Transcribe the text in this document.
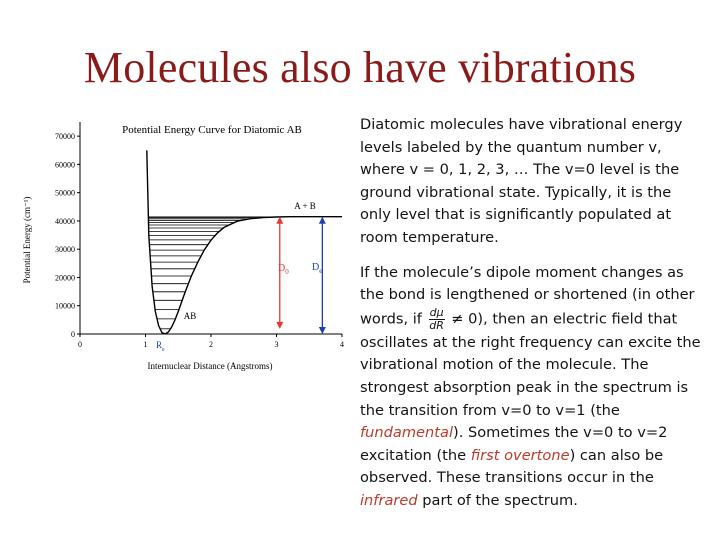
Molecules also have vibrations
0
10000
20000
30000
40000
50000
60000
70000
0	1	2	3	4
Potential Energy Curve for Diatomic AB
Internuclear Distance (Angstroms)
Potential Energy (cm⁻¹)	A + B
AB
$D_0$ $D_e$
$R_e$

Diatomic molecules have vibrational energy levels labeled by the quantum number v, where v = 0, 1, 2, 3, … The v=0 level is the ground vibrational state. Typically, it is the only level that is significantly populated at room temperature.

If the molecule’s dipole moment changes as the bond is lengthened or shortened (in other words, if $\frac{d\mu}{dR} \ne 0$), then an electric field that oscillates at the right frequency can excite the vibrational motion of the molecule. The strongest absorption peak in the spectrum is the transition from v=0 to v=1 (the fundamental). Sometimes the v=0 to v=2 excitation (the first overtone) can also be observed. These transitions occur in the infrared part of the spectrum.
